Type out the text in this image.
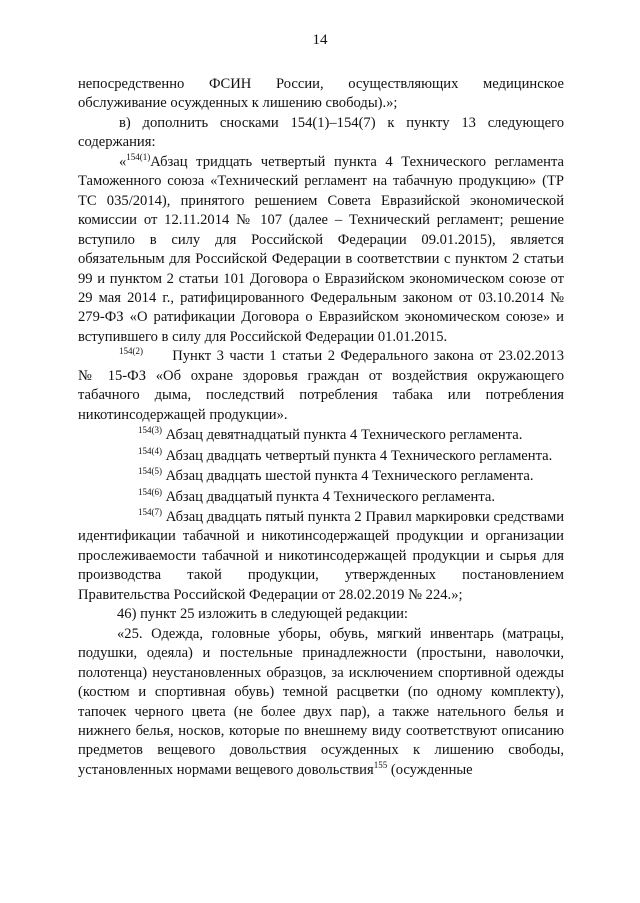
14

непосредственно ФСИН России, осуществляющих медицинское обслуживание осужденных к лишению свободы).»;

в) дополнить сносками 154(1)–154(7) к пункту 13 следующего содержания:

«$^{154(1)}$Абзац тридцать четвертый пункта 4 Технического регламента Таможенного союза «Технический регламент на табачную продукцию» (ТР ТС 035/2014), принятого решением Совета Евразийской экономической комиссии от 12.11.2014 № 107 (далее – Технический регламент; решение вступило в силу для Российской Федерации 09.01.2015), является обязательным для Российской Федерации в соответствии с пунктом 2 статьи 99 и пунктом 2 статьи 101 Договора о Евразийском экономическом союзе от 29 мая 2014 г., ратифицированного Федеральным законом от 03.10.2014 № 279-ФЗ «О ратификации Договора о Евразийском экономическом союзе» и вступившего в силу для Российской Федерации 01.01.2015.

$^{154(2)}$     Пункт 3 части 1 статьи 2 Федерального закона от 23.02.2013 № 15-ФЗ «Об охране здоровья граждан от воздействия окружающего табачного дыма, последствий потребления табака или потребления никотинсодержащей продукции».

$^{154(3)}$ Абзац девятнадцатый пункта 4 Технического регламента.

$^{154(4)}$ Абзац двадцать четвертый пункта 4 Технического регламента.

$^{154(5)}$ Абзац двадцать шестой пункта 4 Технического регламента.

$^{154(6)}$ Абзац двадцатый пункта 4 Технического регламента.

$^{154(7)}$ Абзац двадцать пятый пункта 2 Правил маркировки средствами идентификации табачной и никотинсодержащей продукции и организации прослеживаемости табачной и никотинсодержащей продукции и сырья для производства такой продукции, утвержденных постановлением Правительства Российской Федерации от 28.02.2019 № 224.»;

46) пункт 25 изложить в следующей редакции:

«25. Одежда, головные уборы, обувь, мягкий инвентарь (матрацы, подушки, одеяла) и постельные принадлежности (простыни, наволочки, полотенца) неустановленных образцов, за исключением спортивной одежды (костюм и спортивная обувь) темной расцветки (по одному комплекту), тапочек черного цвета (не более двух пар), а также нательного белья и нижнего белья, носков, которые по внешнему виду соответствуют описанию предметов вещевого довольствия осужденных к лишению свободы, установленных нормами вещевого довольствия$^{155}$ (осужденные
